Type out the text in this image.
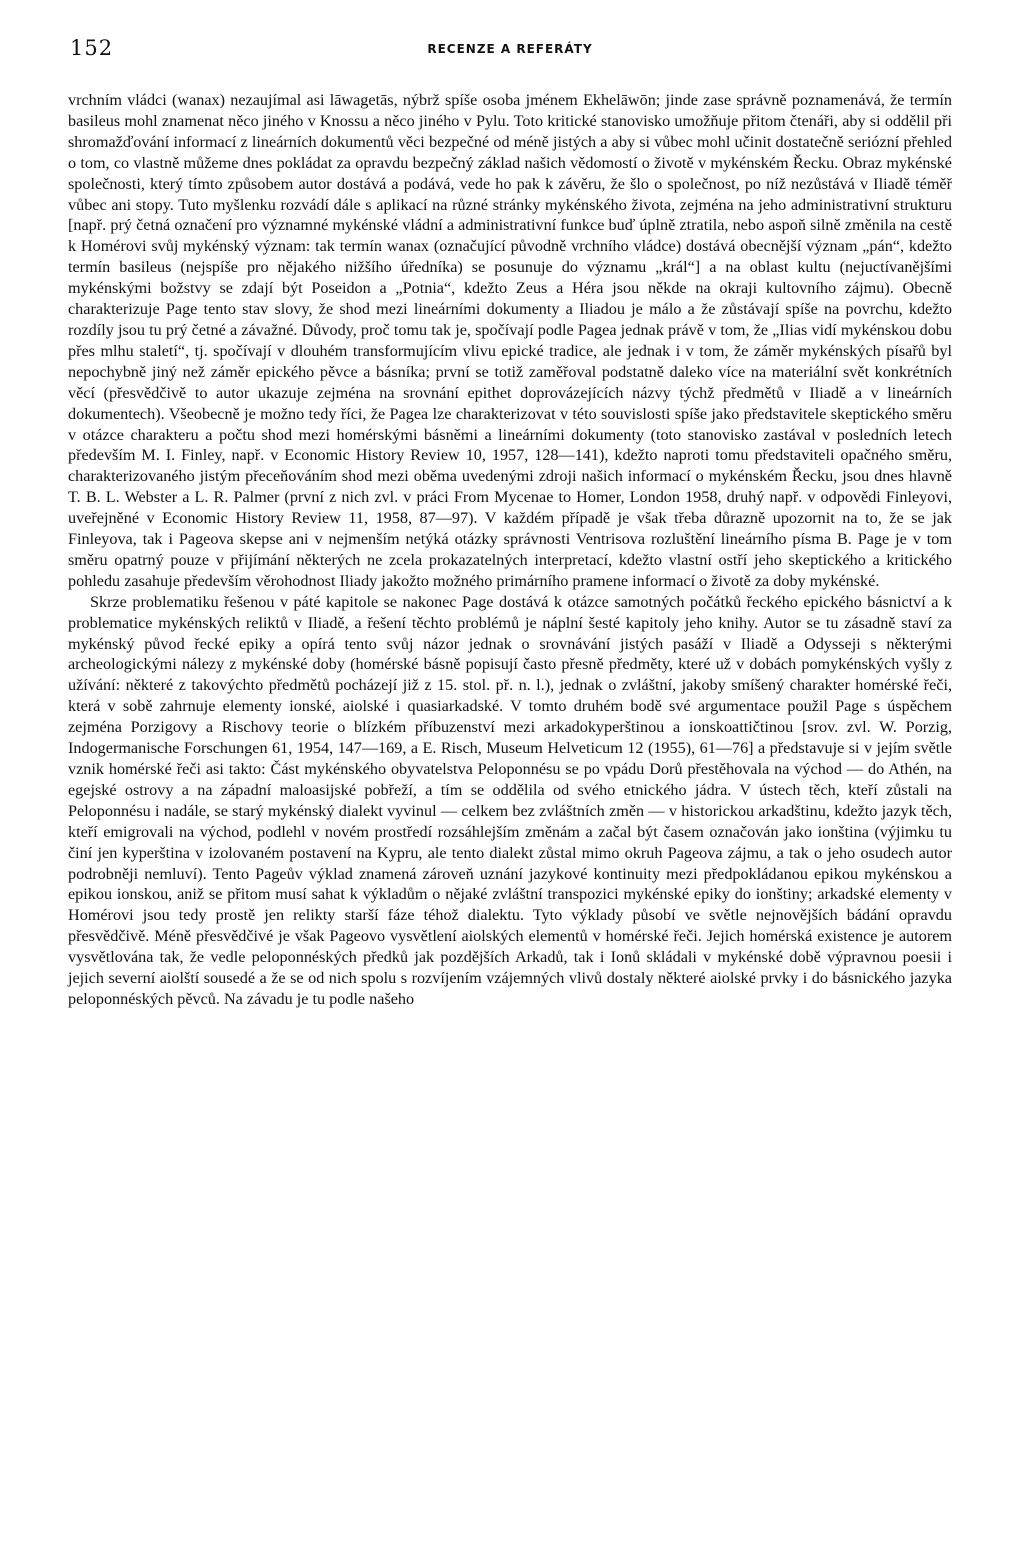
152	RECENZE A REFERÁTY

vrchním vládci (wanax) nezaujímal asi lāwagetās, nýbrž spíše osoba jménem Ekhelāwōn; jinde zase správně poznamenává, že termín basileus mohl znamenat něco jiného v Knossu a něco jiného v Pylu. Toto kritické stanovisko umožňuje přitom čtenáři, aby si oddělil při shromažďování informací z lineárních dokumentů věci bezpečné od méně jistých a aby si vůbec mohl učinit dostatečně seriózní přehled o tom, co vlastně můžeme dnes pokládat za opravdu bezpečný základ našich vědomostí o životě v mykénském Řecku. Obraz mykénské společnosti, který tímto způsobem autor dostává a podává, vede ho pak k závěru, že šlo o společnost, po níž nezůstává v Iliadě téměř vůbec ani stopy. Tuto myšlenku rozvádí dále s aplikací na různé stránky mykénského života, zejména na jeho administrativní strukturu [např. prý četná označení pro významné mykénské vládní a administrativní funkce buď úplně ztratila, nebo aspoň silně změnila na cestě k Homérovi svůj mykénský význam: tak termín wanax (označující původně vrchního vládce) dostává obecnější význam „pán“, kdežto termín basileus (nejspíše pro nějakého nižšího úředníka) se posunuje do významu „král“] a na oblast kultu (nejuctívanějšími mykénskými božstvy se zdají být Poseidon a „Potnia“, kdežto Zeus a Héra jsou někde na okraji kultovního zájmu). Obecně charakterizuje Page tento stav slovy, že shod mezi lineárními dokumenty a Iliadou je málo a že zůstávají spíše na povrchu, kdežto rozdíly jsou tu prý četné a závažné. Důvody, proč tomu tak je, spočívají podle Pagea jednak právě v tom, že „Ilias vidí mykénskou dobu přes mlhu staletí“, tj. spočívají v dlouhém transformujícím vlivu epické tradice, ale jednak i v tom, že záměr mykénských písařů byl nepochybně jiný než záměr epického pěvce a básníka; první se totiž zaměřoval podstatně daleko více na materiální svět konkrétních věcí (přesvědčivě to autor ukazuje zejména na srovnání epithet doprovázejících názvy týchž předmětů v Iliadě a v lineárních dokumentech). Všeobecně je možno tedy říci, že Pagea lze charakterizovat v této souvislosti spíše jako představitele skeptického směru v otázce charakteru a počtu shod mezi homérskými básněmi a lineárními dokumenty (toto stanovisko zastával v posledních letech především M. I. Finley, např. v Economic History Review 10, 1957, 128—141), kdežto naproti tomu představiteli opačného směru, charakterizovaného jistým přeceňováním shod mezi oběma uvedenými zdroji našich informací o mykénském Řecku, jsou dnes hlavně T. B. L. Webster a L. R. Palmer (první z nich zvl. v práci From Mycenae to Homer, London 1958, druhý např. v odpovědi Finleyovi, uveřejněné v Economic History Review 11, 1958, 87—97). V každém případě je však třeba důrazně upozornit na to, že se jak Finleyova, tak i Pageova skepse ani v nejmenším netýká otázky správnosti Ventrisova rozluštění lineárního písma B. Page je v tom směru opatrný pouze v přijímání některých ne zcela prokazatelných interpretací, kdežto vlastní ostří jeho skeptického a kritického pohledu zasahuje především věrohodnost Iliady jakožto možného primárního pramene informací o životě za doby mykénské.

Skrze problematiku řešenou v páté kapitole se nakonec Page dostává k otázce samotných počátků řeckého epického básnictví a k problematice mykénských reliktů v Iliadě, a řešení těchto problémů je náplní šesté kapitoly jeho knihy. Autor se tu zásadně staví za mykénský původ řecké epiky a opírá tento svůj názor jednak o srovnávání jistých pasáží v Iliadě a Odysseji s některými archeologickými nálezy z mykénské doby (homérské básně popisují často přesně předměty, které už v dobách pomykénských vyšly z užívání: některé z takovýchto předmětů pocházejí již z 15. stol. př. n. l.), jednak o zvláštní, jakoby smíšený charakter homérské řeči, která v sobě zahrnuje elementy ionské, aiolské i quasiarkadské. V tomto druhém bodě své argumentace použil Page s úspěchem zejména Porzigovy a Rischovy teorie o blízkém příbuzenství mezi arkadokyperštinou a ionskoattičtinou [srov. zvl. W. Porzig, Indogermanische Forschungen 61, 1954, 147—169, a E. Risch, Museum Helveticum 12 (1955), 61—76] a představuje si v jejím světle vznik homérské řeči asi takto: Část mykénského obyvatelstva Peloponnésu se po vpádu Dorů přestěhovala na východ — do Athén, na egejské ostrovy a na západní maloasijské pobřeží, a tím se oddělila od svého etnického jádra. V ústech těch, kteří zůstali na Peloponnésu i nadále, se starý mykénský dialekt vyvinul — celkem bez zvláštních změn — v historickou arkadštinu, kdežto jazyk těch, kteří emigrovali na východ, podlehl v novém prostředí rozsáhlejším změnám a začal být časem označován jako ionština (výjimku tu činí jen kyperština v izolovaném postavení na Kypru, ale tento dialekt zůstal mimo okruh Pageova zájmu, a tak o jeho osudech autor podrobněji nemluví). Tento Pageův výklad znamená zároveň uznání jazykové kontinuity mezi předpokládanou epikou mykénskou a epikou ionskou, aniž se přitom musí sahat k výkladům o nějaké zvláštní transpozici mykénské epiky do ionštiny; arkadské elementy v Homérovi jsou tedy prostě jen relikty starší fáze téhož dialektu. Tyto výklady působí ve světle nejnovějších bádání opravdu přesvědčivě. Méně přesvědčivé je však Pageovo vysvětlení aiolských elementů v homérské řeči. Jejich homérská existence je autorem vysvětlována tak, že vedle peloponnéských předků jak pozdějších Arkadů, tak i Ionů skládali v mykénské době výpravnou poesii i jejich severní aiolští sousedé a že se od nich spolu s rozvíjením vzájemných vlivů dostaly některé aiolské prvky i do básnického jazyka peloponnéských pěvců. Na závadu je tu podle našeho
